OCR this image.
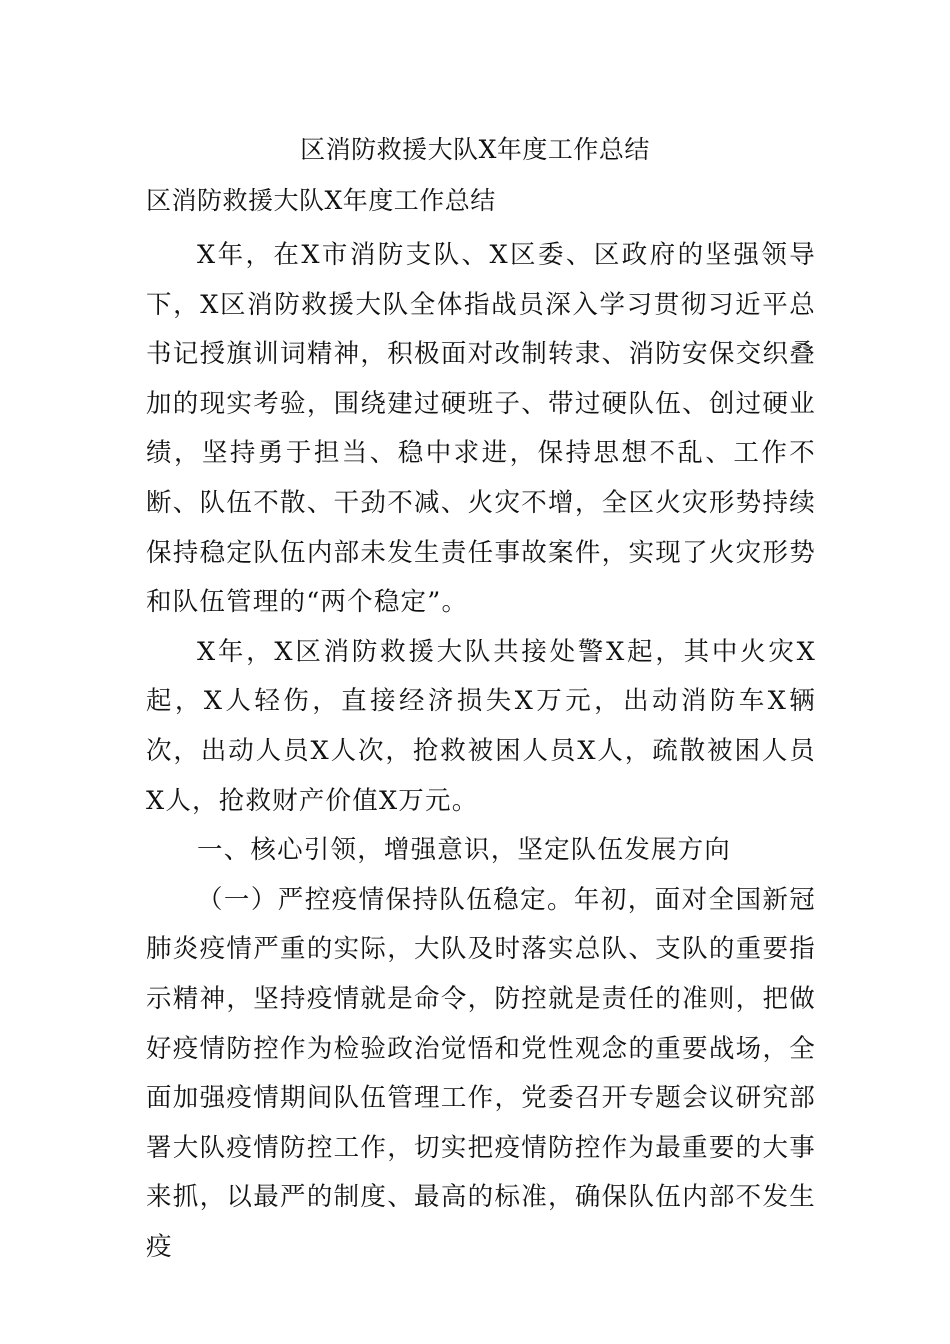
区消防救援大队X年度工作总结
区消防救援大队X年度工作总结

X年，在X市消防支队、X区委、区政府的坚强领导下，X区消防救援大队全体指战员深入学习贯彻习近平总书记授旗训词精神，积极面对改制转隶、消防安保交织叠加的现实考验，围绕建过硬班子、带过硬队伍、创过硬业绩，坚持勇于担当、稳中求进，保持思想不乱、工作不断、队伍不散、干劲不减、火灾不增，全区火灾形势持续保持稳定队伍内部未发生责任事故案件，实现了火灾形势和队伍管理的“两个稳定”。

X年，X区消防救援大队共接处警X起，其中火灾X起，X人轻伤，直接经济损失X万元，出动消防车X辆次，出动人员X人次，抢救被困人员X人，疏散被困人员X人，抢救财产价值X万元。

一、核心引领，增强意识，坚定队伍发展方向

（一）严控疫情保持队伍稳定。年初，面对全国新冠肺炎疫情严重的实际，大队及时落实总队、支队的重要指示精神，坚持疫情就是命令，防控就是责任的准则，把做好疫情防控作为检验政治觉悟和党性观念的重要战场，全面加强疫情期间队伍管理工作，党委召开专题会议研究部署大队疫情防控工作，切实把疫情防控作为最重要的大事来抓，以最严的制度、最高的标准，确保队伍内部不发生疫
